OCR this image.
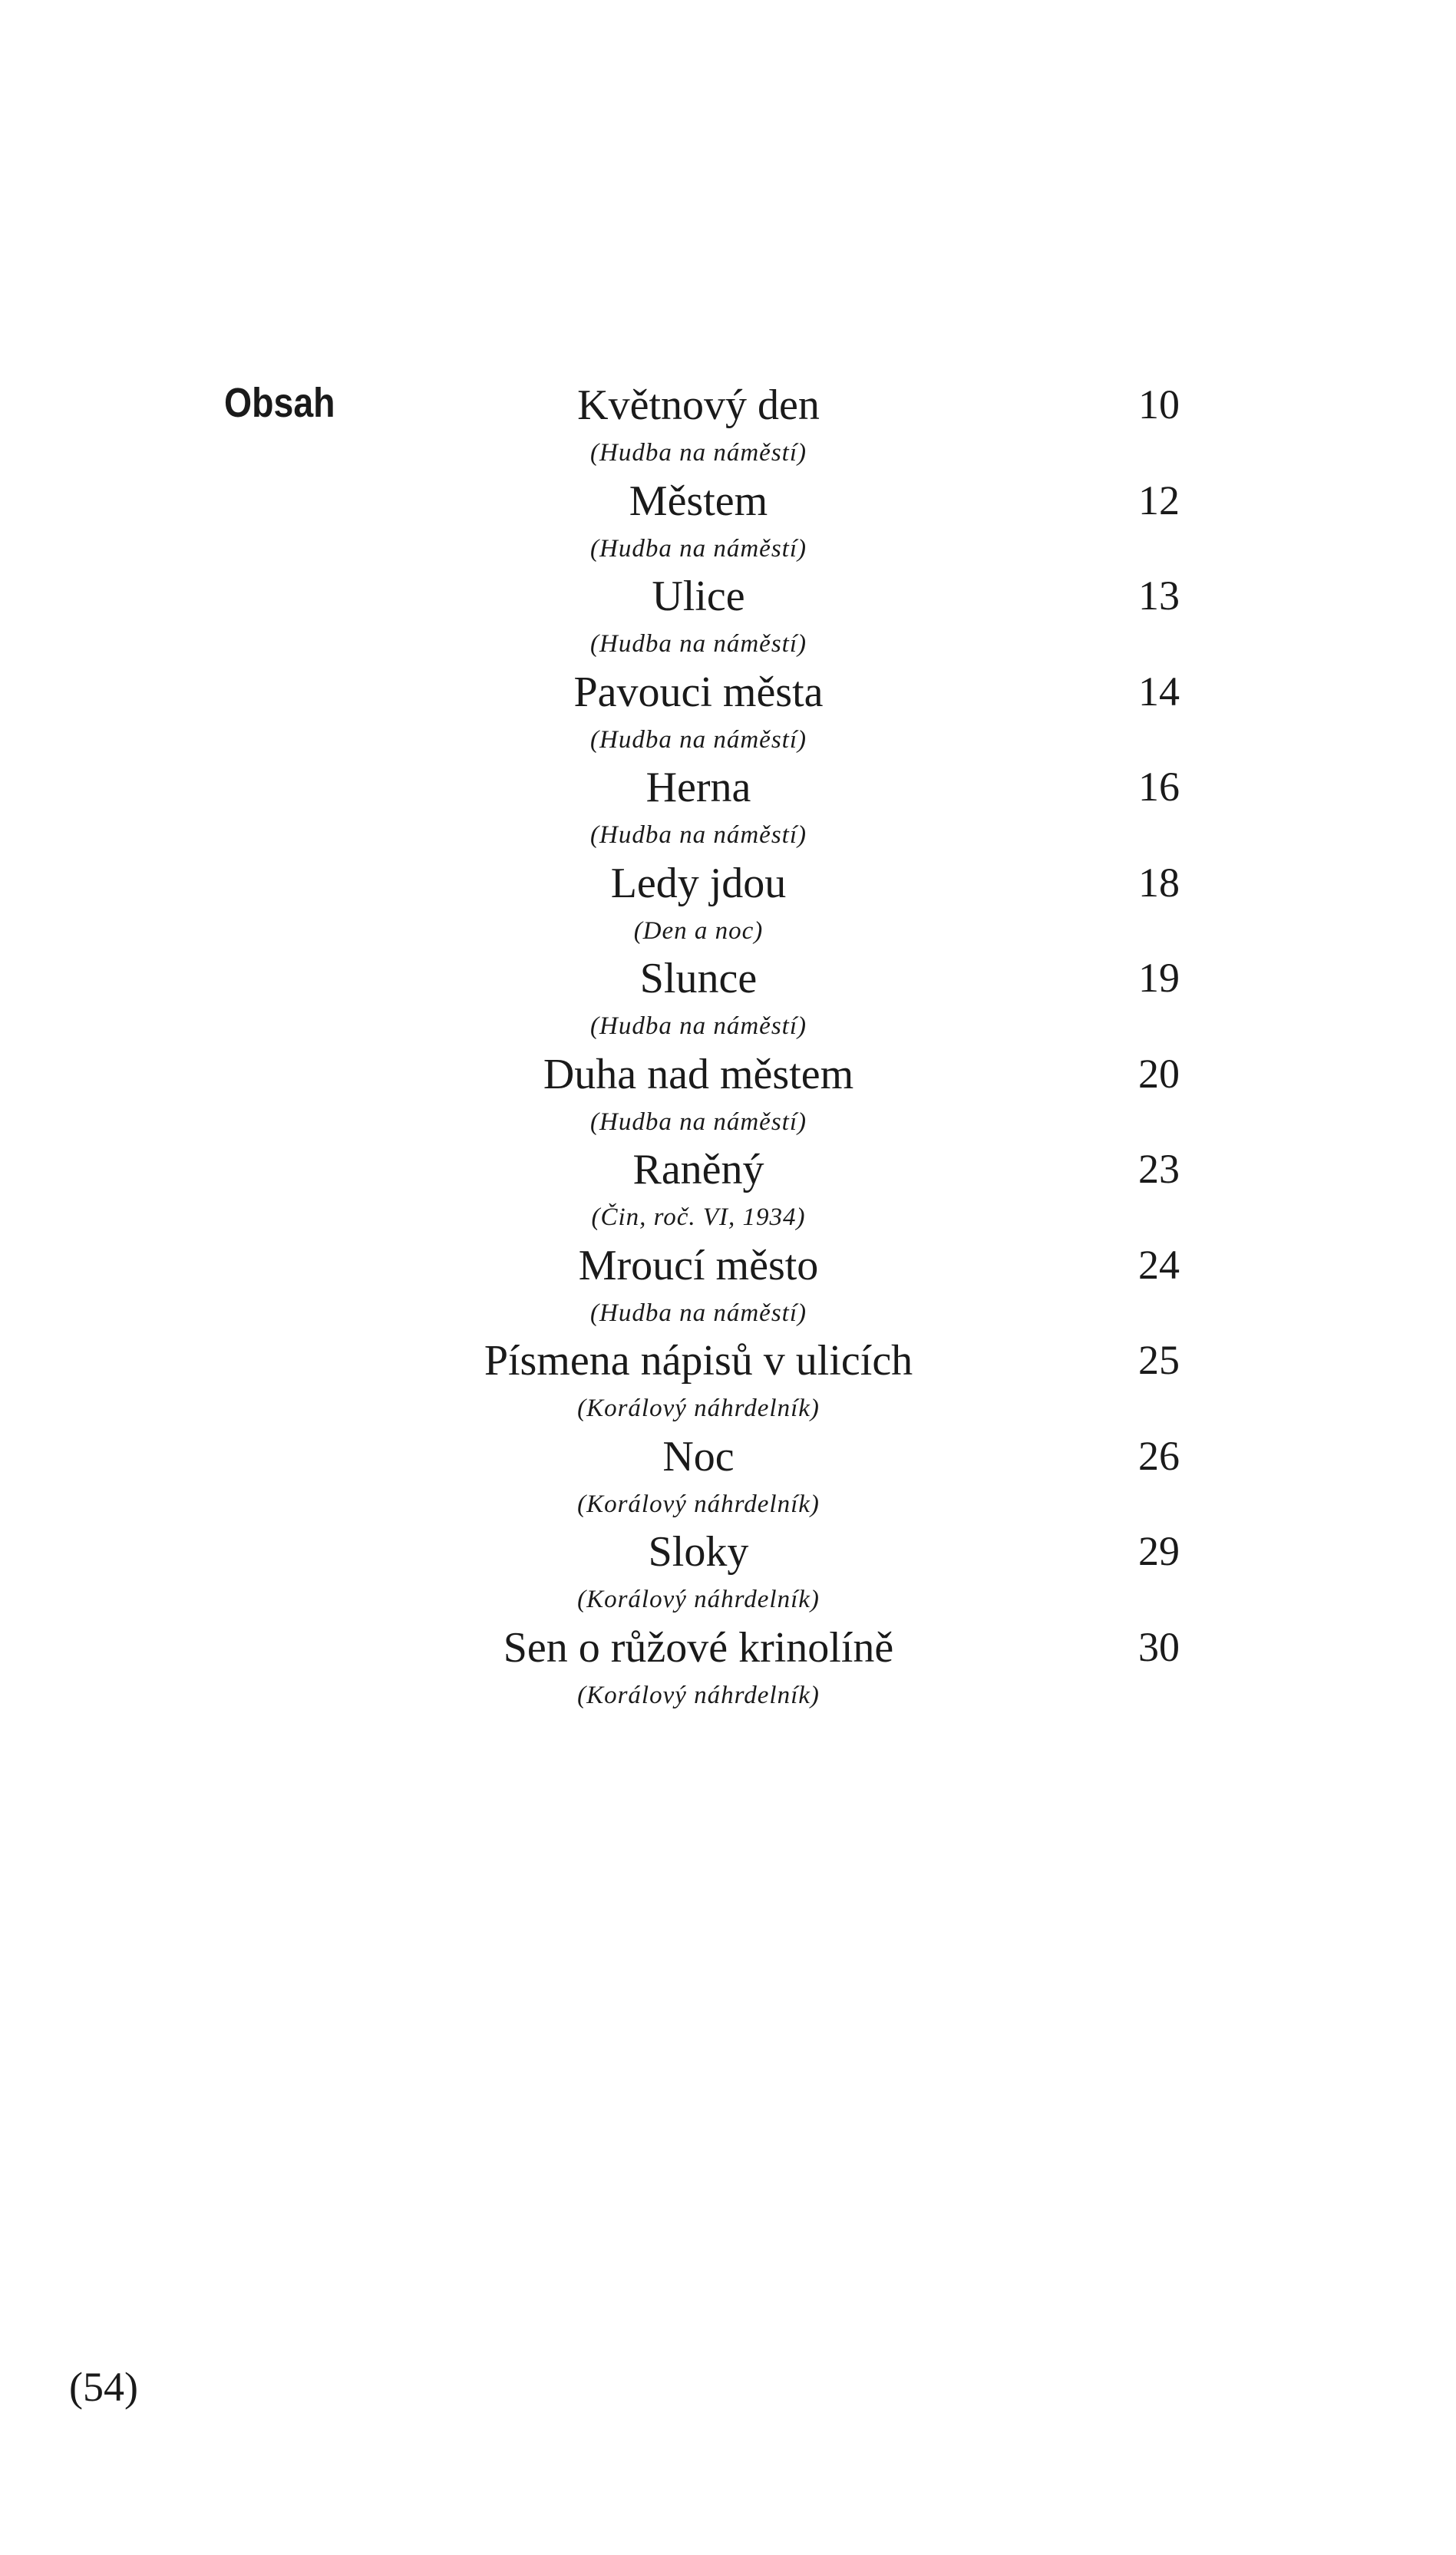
Obsah	Květnový den
(Hudba na náměstí)
10
Městem
(Hudba na náměstí)
12
Ulice
(Hudba na náměstí)
13
Pavouci města
(Hudba na náměstí)
14
Herna
(Hudba na náměstí)
16
Ledy jdou
(Den a noc)
18
Slunce
(Hudba na náměstí)
19
Duha nad městem
(Hudba na náměstí)
20
Raněný
(Čin, roč. VI, 1934)
23
Mroucí město
(Hudba na náměstí)
24
Písmena nápisů v ulicích
(Korálový náhrdelník)
25
Noc
(Korálový náhrdelník)
26
Sloky
(Korálový náhrdelník)
29
Sen o růžové krinolíně
(Korálový náhrdelník)
30
(54)
